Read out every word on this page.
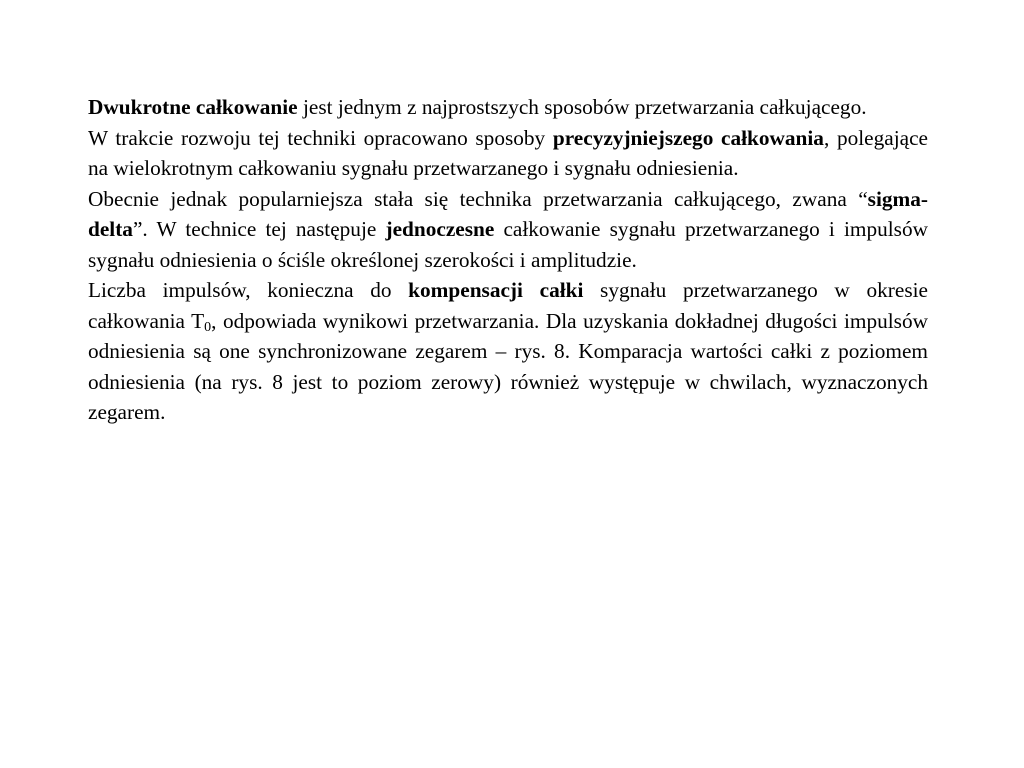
Dwukrotne całkowanie jest jednym z najprostszych sposobów przetwarzania całkującego.

W trakcie rozwoju tej techniki opracowano sposoby precyzyjniejszego całkowania, polegające na wielokrotnym całkowaniu sygnału przetwarzanego i sygnału odniesienia.

Obecnie jednak popularniejsza stała się technika przetwarzania całkującego, zwana “sigma-delta”. W technice tej następuje jednoczesne całkowanie sygnału przetwarzanego i impulsów sygnału odniesienia o ściśle określonej szerokości i amplitudzie.

Liczba impulsów, konieczna do kompensacji całki sygnału przetwarzanego w okresie całkowania $T_0$, odpowiada wynikowi przetwarzania. Dla uzyskania dokładnej długości impulsów odniesienia są one synchronizowane zegarem – rys. 8. Komparacja wartości całki z poziomem odniesienia (na rys. 8 jest to poziom zerowy) również występuje w chwilach, wyznaczonych zegarem.
